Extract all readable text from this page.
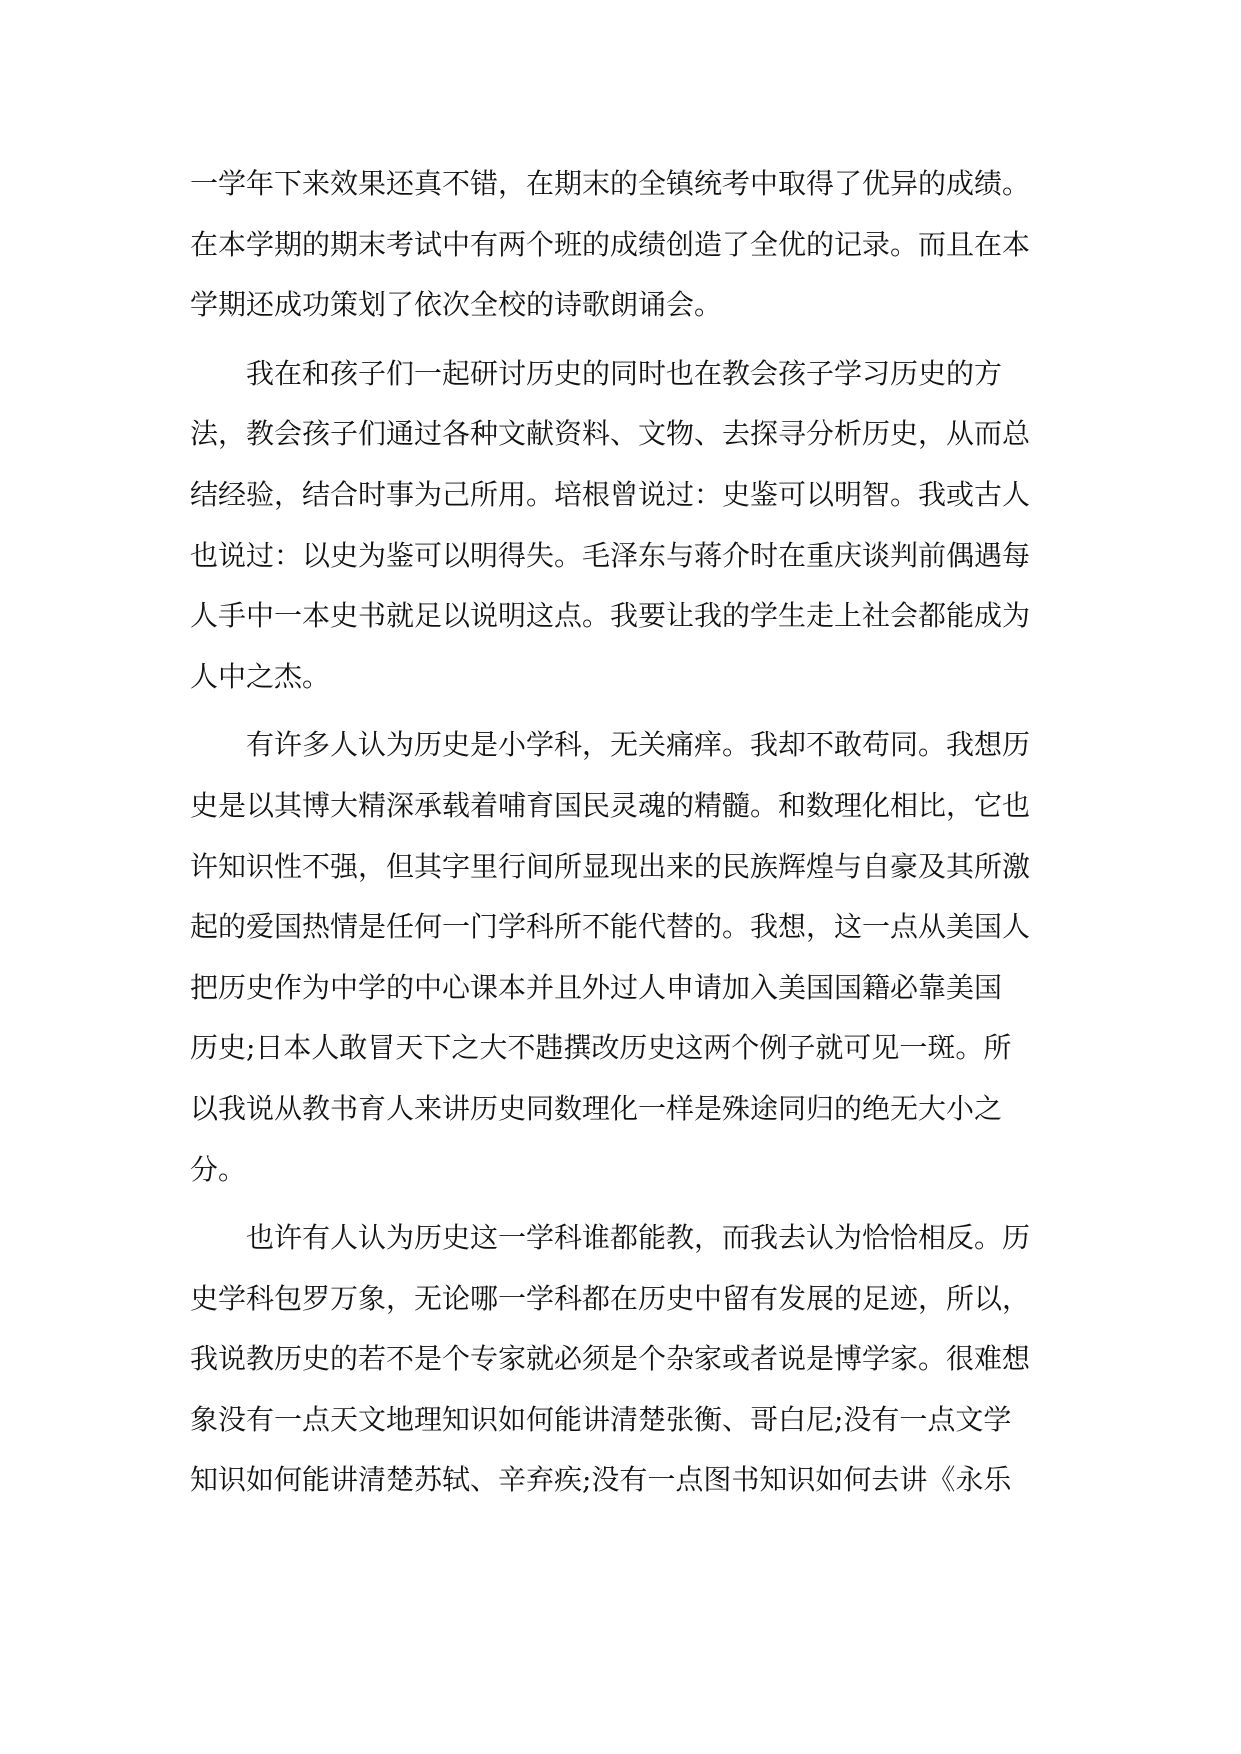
一学年下来效果还真不错，在期末的全镇统考中取得了优异的成绩。
在本学期的期末考试中有两个班的成绩创造了全优的记录。而且在本
学期还成功策划了依次全校的诗歌朗诵会。
我在和孩子们一起研讨历史的同时也在教会孩子学习历史的方
法，教会孩子们通过各种文献资料、文物、去探寻分析历史，从而总
结经验，结合时事为己所用。培根曾说过：史鉴可以明智。我或古人
也说过：以史为鉴可以明得失。毛泽东与蒋介时在重庆谈判前偶遇每
人手中一本史书就足以说明这点。我要让我的学生走上社会都能成为
人中之杰。
有许多人认为历史是小学科，无关痛痒。我却不敢苟同。我想历
史是以其博大精深承载着哺育国民灵魂的精髓。和数理化相比，它也
许知识性不强，但其字里行间所显现出来的民族辉煌与自豪及其所激
起的爱国热情是任何一门学科所不能代替的。我想，这一点从美国人
把历史作为中学的中心课本并且外过人申请加入美国国籍必靠美国
历史;日本人敢冒天下之大不韪撰改历史这两个例子就可见一斑。所
以我说从教书育人来讲历史同数理化一样是殊途同归的绝无大小之
分。
也许有人认为历史这一学科谁都能教，而我去认为恰恰相反。历
史学科包罗万象，无论哪一学科都在历史中留有发展的足迹，所以，
我说教历史的若不是个专家就必须是个杂家或者说是博学家。很难想
象没有一点天文地理知识如何能讲清楚张衡、哥白尼;没有一点文学
知识如何能讲清楚苏轼、辛弃疾;没有一点图书知识如何去讲《永乐
